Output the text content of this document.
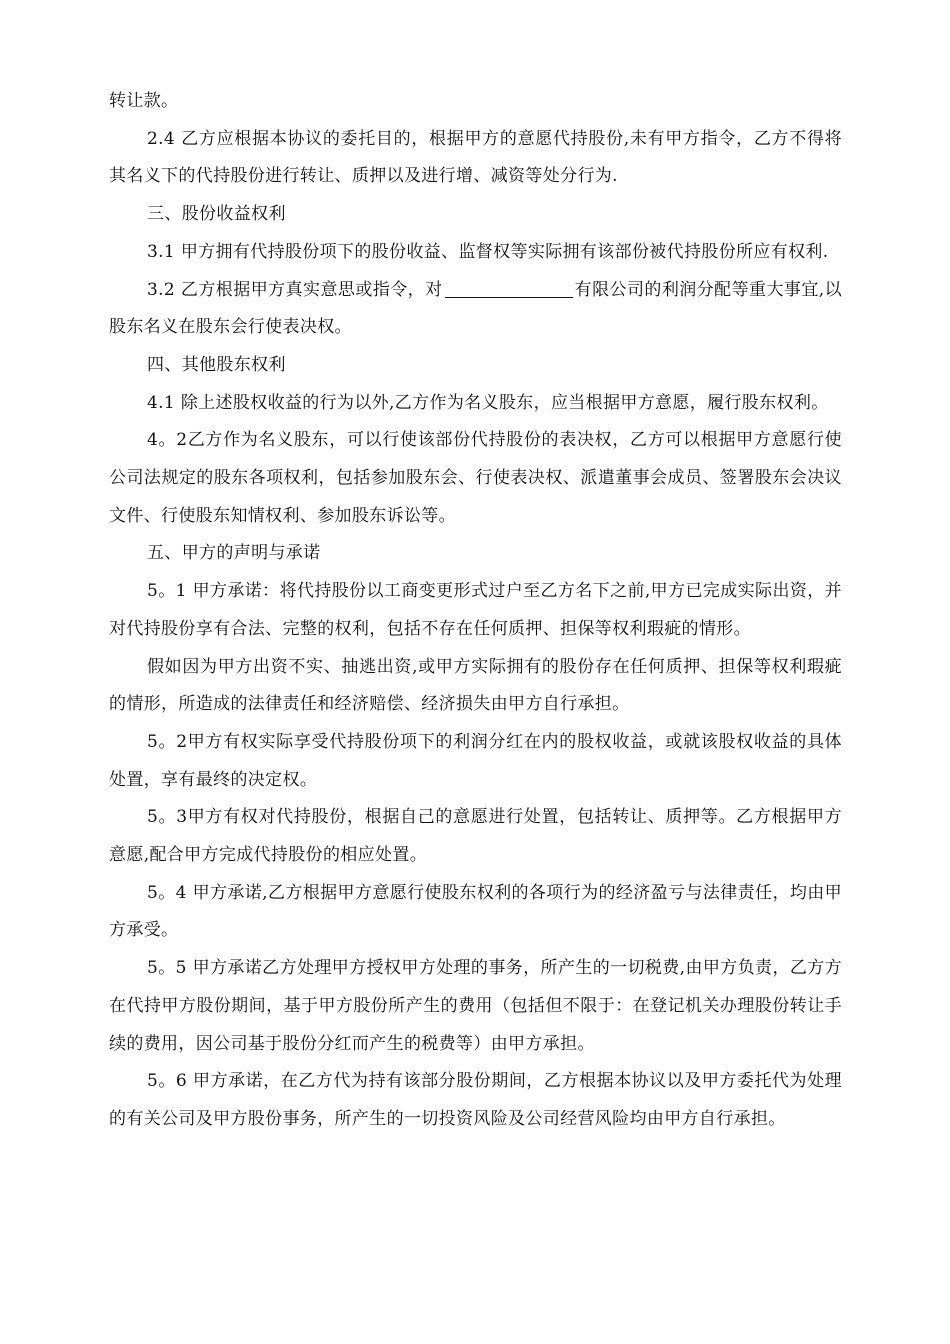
转让款。

2.4 乙方应根据本协议的委托目的，根据甲方的意愿代持股份,未有甲方指令，乙方不得将其名义下的代持股份进行转让、质押以及进行增、减资等处分行为.

三、股份收益权利

3.1 甲方拥有代持股份项下的股份收益、监督权等实际拥有该部份被代持股份所应有权利.

3.2 乙方根据甲方真实意思或指令，对	有限公司的利润分配等重大事宜,以股东名义在股东会行使表决权。

四、其他股东权利

4.1 除上述股权收益的行为以外,乙方作为名义股东，应当根据甲方意愿，履行股东权利。

4。2乙方作为名义股东，可以行使该部份代持股份的表决权，乙方可以根据甲方意愿行使公司法规定的股东各项权利，包括参加股东会、行使表决权、派遣董事会成员、签署股东会决议文件、行使股东知情权利、参加股东诉讼等。

五、甲方的声明与承诺

5。1 甲方承诺：将代持股份以工商变更形式过户至乙方名下之前,甲方已完成实际出资，并对代持股份享有合法、完整的权利，包括不存在任何质押、担保等权利瑕疵的情形。

假如因为甲方出资不实、抽逃出资,或甲方实际拥有的股份存在任何质押、担保等权利瑕疵的情形，所造成的法律责任和经济赔偿、经济损失由甲方自行承担。

5。2甲方有权实际享受代持股份项下的利润分红在内的股权收益，或就该股权收益的具体处置，享有最终的决定权。

5。3甲方有权对代持股份，根据自己的意愿进行处置，包括转让、质押等。乙方根据甲方意愿,配合甲方完成代持股份的相应处置。

5。4 甲方承诺,乙方根据甲方意愿行使股东权利的各项行为的经济盈亏与法律责任，均由甲方承受。

5。5 甲方承诺乙方处理甲方授权甲方处理的事务，所产生的一切税费,由甲方负责，乙方方在代持甲方股份期间，基于甲方股份所产生的费用（包括但不限于：在登记机关办理股份转让手续的费用，因公司基于股份分红而产生的税费等）由甲方承担。

5。6 甲方承诺，在乙方代为持有该部分股份期间，乙方根据本协议以及甲方委托代为处理的有关公司及甲方股份事务，所产生的一切投资风险及公司经营风险均由甲方自行承担。
